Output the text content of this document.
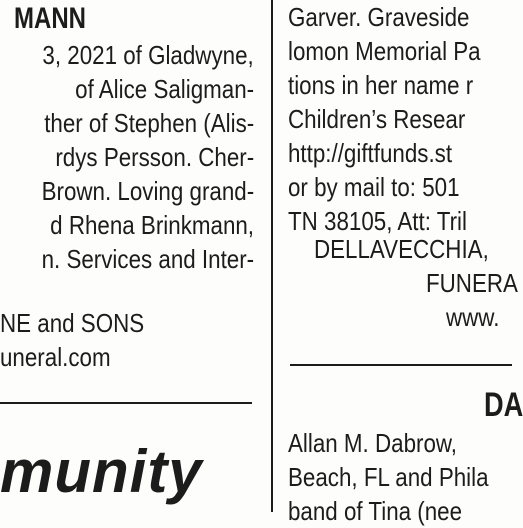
MANN
3, 2021 of Gladwyne,
of Alice Saligman-
ther of Stephen (Alis-
rdys Persson. Cher-
Brown. Loving grand-
d Rhena Brinkmann,
n. Services and Inter-
NE and SONS
uneral.com
munity
Garver. Graveside
lomon Memorial Pa
tions in her name r
Children’s Resear
http://giftfunds.st
or by mail to: 501
TN 38105, Att: Tril
DELLAVECCHIA,
FUNERA
www.
DA
Allan M. Dabrow,
Beach, FL and Phila
band of Tina (nee
